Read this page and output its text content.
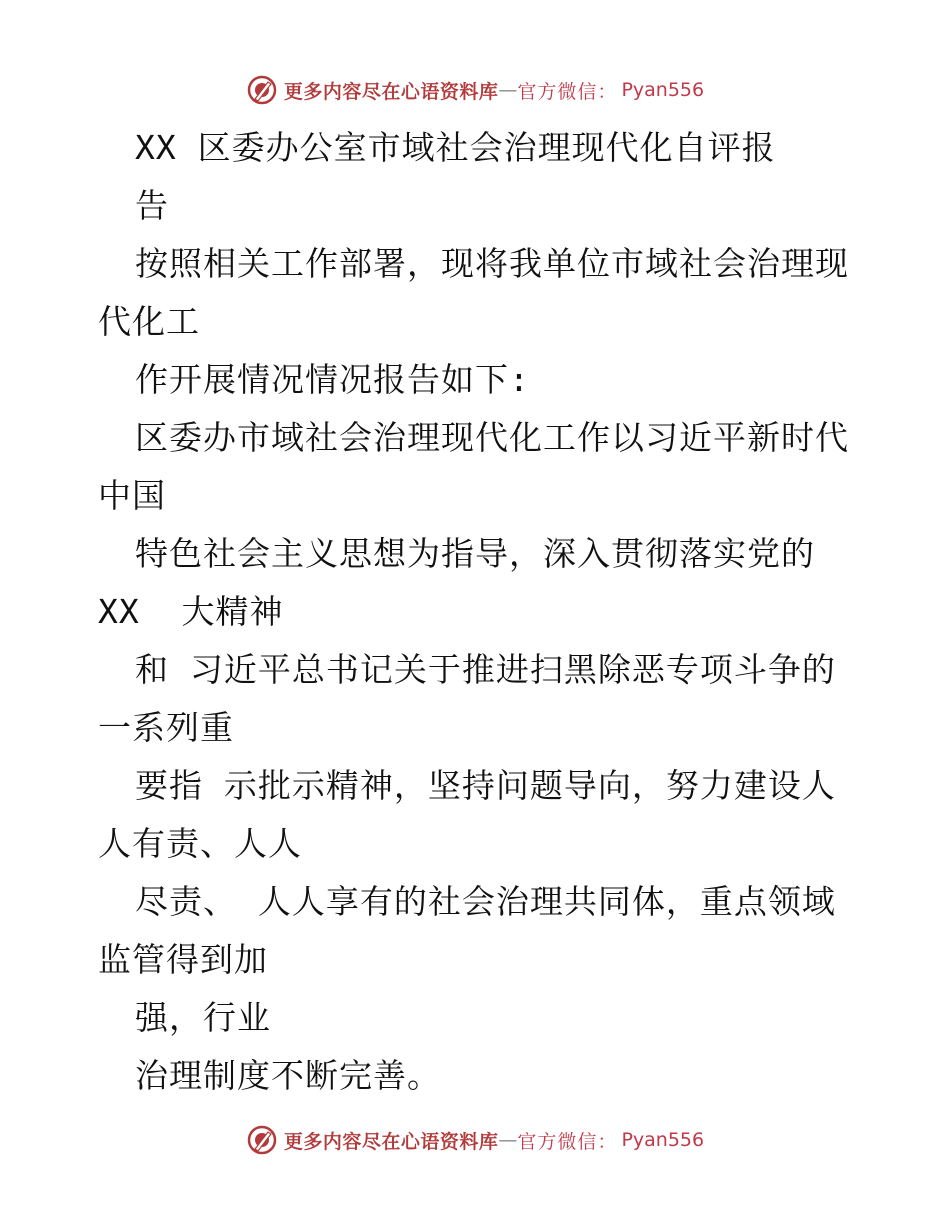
更多内容尽在心语资料库 — 官方微信： Pyan556

XX 区委办公室市域社会治理现代化自评报

告

按照相关工作部署，现将我单位市域社会治理现

代化工

作开展情况情况报告如下:

区委办市域社会治理现代化工作以习近平新时代

中国

特色社会主义思想为指导，深入贯彻落实党的

XX  大精神

和 习近平总书记关于推进扫黑除恶专项斗争的

一系列重

要指 示批示精神，坚持问题导向，努力建设人

人有责、人人

尽责、 人人享有的社会治理共同体，重点领域

监管得到加

强，行业

治理制度不断完善。

更多内容尽在心语资料库 — 官方微信： Pyan556
